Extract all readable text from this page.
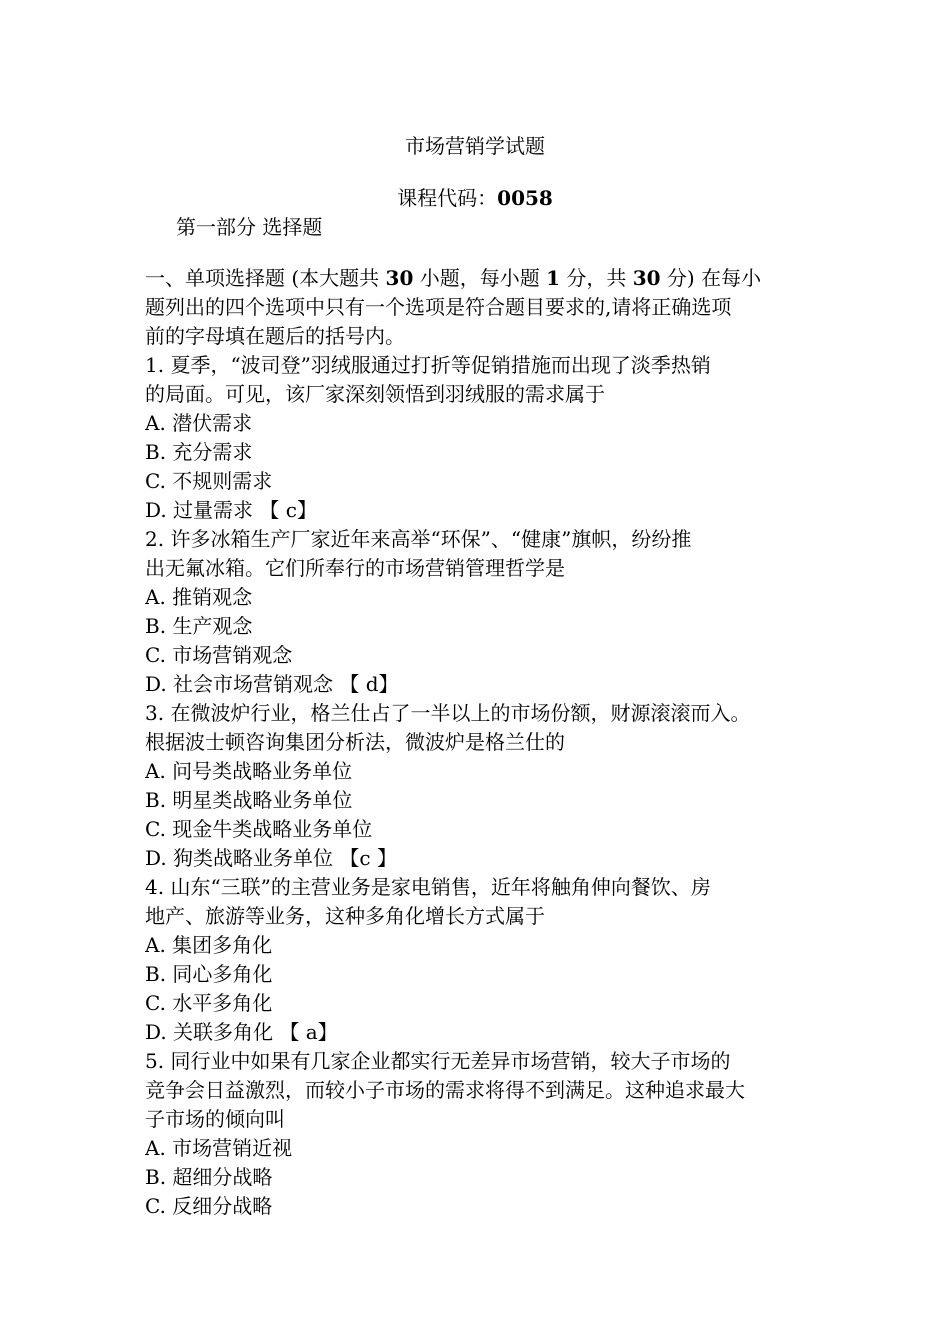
市场营销学试题
课程代码：0058
第一部分 选择题
一、单项选择题 (本大题共 30 小题，每小题 1 分，共 30 分) 在每小
题列出的四个选项中只有一个选项是符合题目要求的,请将正确选项
前的字母填在题后的括号内。
1. 夏季，“波司登”羽绒服通过打折等促销措施而出现了淡季热销
的局面。可见，该厂家深刻领悟到羽绒服的需求属于
A. 潜伏需求
B. 充分需求
C. 不规则需求
D. 过量需求 【 c】
2. 许多冰箱生产厂家近年来高举“环保”、“健康”旗帜，纷纷推
出无氟冰箱。它们所奉行的市场营销管理哲学是
A. 推销观念
B. 生产观念
C. 市场营销观念
D. 社会市场营销观念 【 d】
3. 在微波炉行业，格兰仕占了一半以上的市场份额，财源滚滚而入。
根据波士顿咨询集团分析法，微波炉是格兰仕的
A. 问号类战略业务单位
B. 明星类战略业务单位
C. 现金牛类战略业务单位
D. 狗类战略业务单位 【c 】
4. 山东“三联”的主营业务是家电销售，近年将触角伸向餐饮、房
地产、旅游等业务，这种多角化增长方式属于
A. 集团多角化
B. 同心多角化
C. 水平多角化
D. 关联多角化 【 a】
5. 同行业中如果有几家企业都实行无差异市场营销，较大子市场的
竞争会日益激烈，而较小子市场的需求将得不到满足。这种追求最大
子市场的倾向叫
A. 市场营销近视
B. 超细分战略
C. 反细分战略
